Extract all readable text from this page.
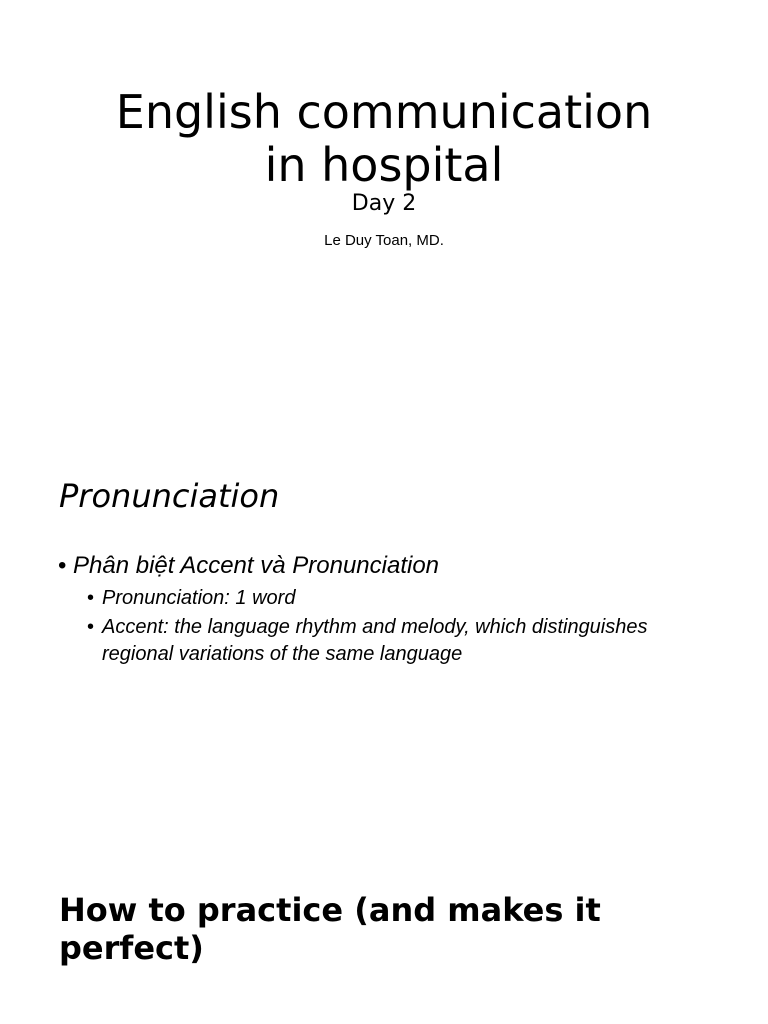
English communication
in hospital
Day 2
Le Duy Toan, MD.
Pronunciation
• Phân biệt Accent và Pronunciation
• Pronunciation: 1 word
• Accent: the language rhythm and melody, which distinguishes regional variations of the same language
How to practice (and makes it perfect)
